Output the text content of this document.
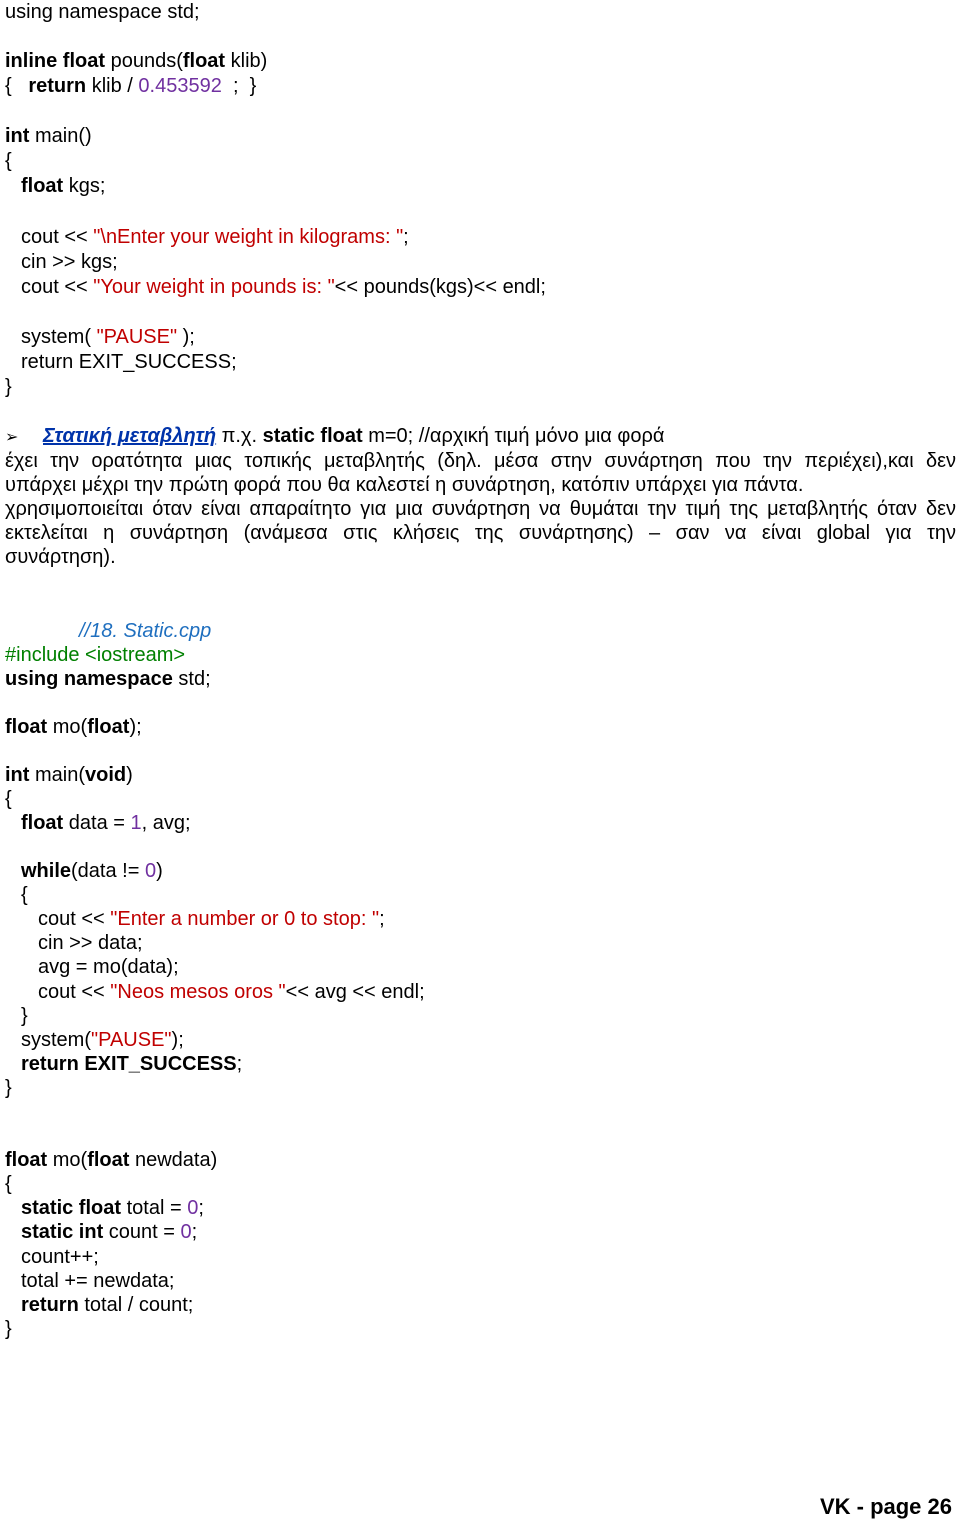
using namespace std;
inline float pounds(float klib)
{   return klib / 0.453592  ;  }
int main()
{
float kgs;
cout << "\nEnter your weight in kilograms: ";
cin >> kgs;
cout << "Your weight in pounds is: "<< pounds(kgs)<< endl;
system( "PAUSE" );
return EXIT_SUCCESS;
}
➢ Στατική μεταβλητή π.χ. static float m=0; //αρχική τιμή μόνο μια φορά
έχει την ορατότητα μιας τοπικής μεταβλητής (δηλ. μέσα στην συνάρτηση που την περιέχει),και δεν
υπάρχει μέχρι την πρώτη φορά που θα καλεστεί η συνάρτηση, κατόπιν υπάρχει για πάντα.
χρησιμοποιείται όταν είναι απαραίτητο για μια συνάρτηση να θυμάται την τιμή της μεταβλητής όταν δεν
εκτελείται η συνάρτηση (ανάμεσα στις κλήσεις της συνάρτησης) – σαν να είναι global για την
συνάρτηση).
//18. Static.cpp
#include <iostream>
using namespace std;
float mo(float);
int main(void)
{
float data = 1, avg;
while(data != 0)
{
cout << "Enter a number or 0 to stop: ";
cin >> data;
avg = mo(data);
cout << "Neos mesos oros "<< avg << endl;
}
system("PAUSE");
return EXIT_SUCCESS;
}
float mo(float newdata)
{
static float total = 0;
static int count = 0;
count++;
total += newdata;
return total / count;
}
VK - page 26
